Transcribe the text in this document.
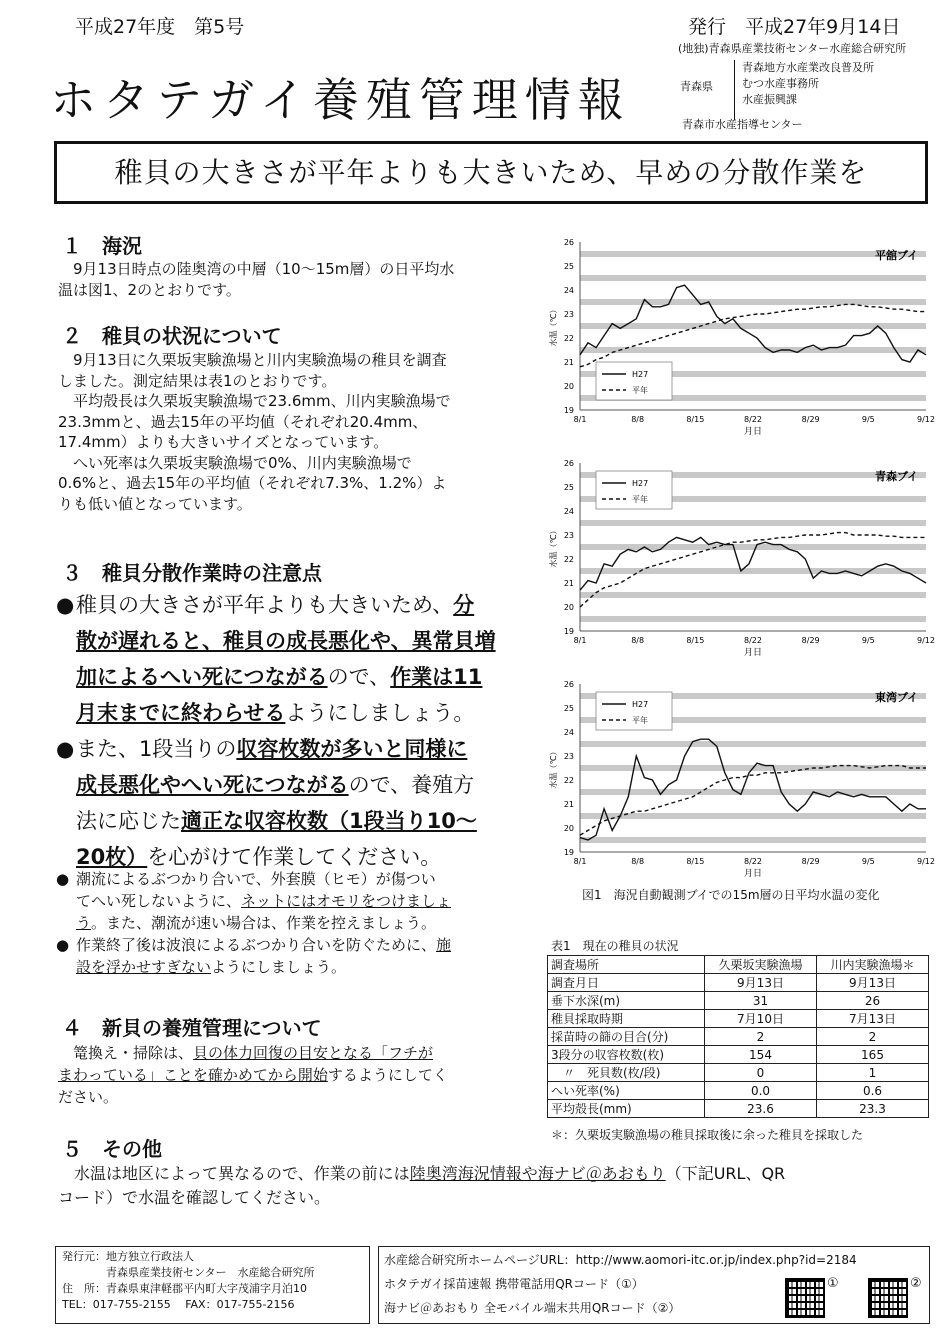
平成27年度　第5号	発行　平成27年9月14日
(地独)青森県産業技術センター水産総合研究所
ホタテガイ養殖管理情報	青森県
青森地方水産業改良普及所
むつ水産事務所
水産振興課
青森市水産指導センター
稚貝の大きさが平年よりも大きいため、早めの分散作業を
１　海況
　9月13日時点の陸奥湾の中層（10～15m層）の日平均水
温は図1、2のとおりです。
２　稚貝の状況について
　9月13日に久栗坂実験漁場と川内実験漁場の稚貝を調査
しました。測定結果は表1のとおりです。
　平均殻長は久栗坂実験漁場で23.6mm、川内実験漁場で
23.3mmと、過去15年の平均値（それぞれ20.4mm、
17.4mm）よりも大きいサイズとなっています。
　へい死率は久栗坂実験漁場で0%、川内実験漁場で
0.6%と、過去15年の平均値（それぞれ7.3%、1.2%）よ
りも低い値となっています。
３　稚貝分散作業時の注意点
● 稚貝の大きさが平年よりも大きいため、分
散が遅れると、稚貝の成長悪化や、異常貝増
加によるへい死につながるので、作業は11
月末までに終わらせるようにしましょう。
● また、1段当りの収容枚数が多いと同様に
成長悪化やへい死につながるので、養殖方
法に応じた適正な収容枚数（1段当り10～
20枚）を心がけて作業してください。
● 潮流によるぶつかり合いで、外套膜（ヒモ）が傷つい
てへい死しないように、ネットにはオモリをつけましょ
う。また、潮流が速い場合は、作業を控えましょう。
● 作業終了後は波浪によるぶつかり合いを防ぐために、施
設を浮かせすぎないようにしましょう。
４　新貝の養殖管理について
　篭換え・掃除は、貝の体力回復の目安となる「フチが
まわっている」ことを確かめてから開始するようにしてく
ださい。
５　その他
　水温は地区によって異なるので、作業の前には陸奥湾海況情報や海ナビ＠あおもり（下記URL、QR
コード）で水温を確認してください。
19
20
21
22
23
24
25
26
8/1	8/8	8/15	8/22	8/29	9/5	9/12
月日
水温（℃）
平舘ブイ
H27
平年
19
20
21
22
23
24
25
26
8/1	8/8	8/15	8/22	8/29	9/5	9/12
月日
水温（℃）
青森ブイ
H27
平年
19
20
21
22
23
24
25
26
8/1	8/8	8/15	8/22	8/29	9/5	9/12
月日
水温（℃）
東湾ブイ
H27
平年
図1　海況自動観測ブイでの15m層の日平均水温の変化
表1　現在の稚貝の状況
調査場所	久栗坂実験漁場	川内実験漁場＊
調査月日	9月13日	9月13日
垂下水深(m)	31	26
稚貝採取時期	7月10日	7月13日
採苗時の篩の目合(分)	2	2
3段分の収容枚数(枚)	154	165
　〃　死貝数(枚/段)	0	1
へい死率(%)	0.0	0.6
平均殻長(mm)	23.6	23.3
＊：久栗坂実験漁場の稚貝採取後に余った稚貝を採取した
発行元：地方独立行政法人
　　　　青森県産業技術センター　水産総合研究所
住　所：青森県東津軽郡平内町大字茂浦字月泊10
TEL：017-755-2155　 FAX：017-755-2156
水産総合研究所ホームページURL：http://www.aomori-itc.or.jp/index.php?id=2184
ホタテガイ採苗速報 携帯電話用QRコード（①）
海ナビ＠あおもり 全モバイル端末共用QRコード（②）
①	②
